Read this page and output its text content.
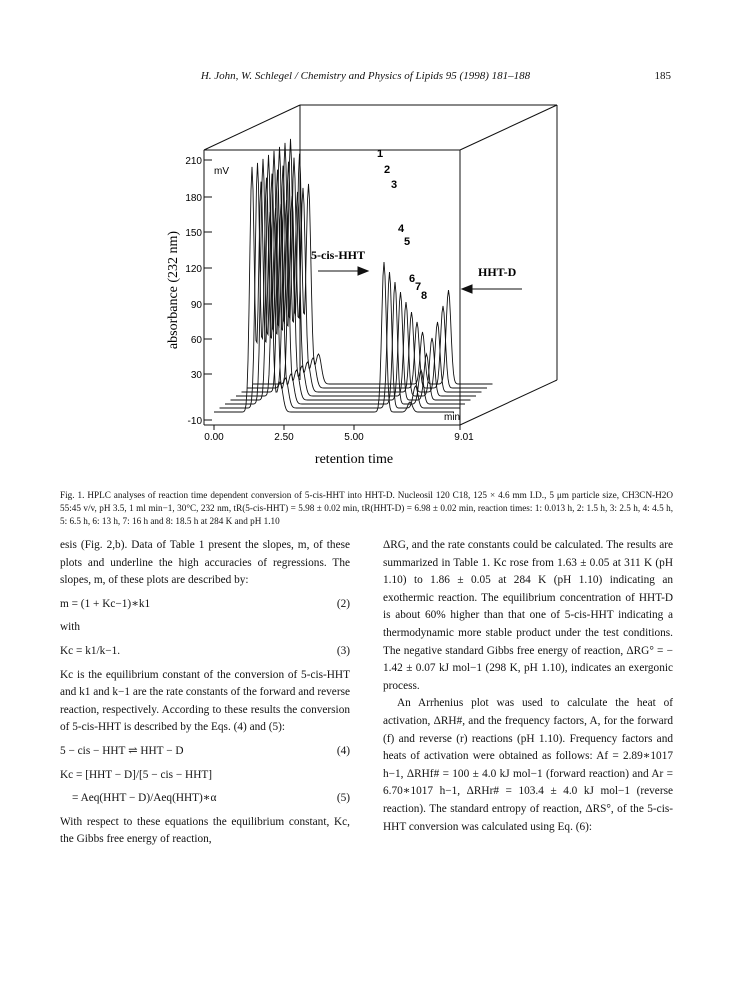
H. John, W. Schlegel / Chemistry and Physics of Lipids 95 (1998) 181–188	185
210
180
150
120
90
60
30
-10
mV
absorbance (232 nm)
0.00	2.50	5.00	9.01
min
retention time
5-cis-HHT
HHT-D
1
2
3
4
5
6
7
8
Fig. 1. HPLC analyses of reaction time dependent conversion of 5-cis-HHT into HHT-D. Nucleosil 120 C18, 125 × 4.6 mm I.D., 5 μm particle size, CH3CN-H2O 55:45 v/v, pH 3.5, 1 ml min−1, 30°C, 232 nm, tR(5-cis-HHT) = 5.98 ± 0.02 min, tR(HHT-D) = 6.98 ± 0.02 min, reaction times: 1: 0.013 h, 2: 1.5 h, 3: 2.5 h, 4: 4.5 h, 5: 6.5 h, 6: 13 h, 7: 16 h and 8: 18.5 h at 284 K and pH 1.10

esis (Fig. 2,b). Data of Table 1 present the slopes, m, of these plots and underline the high accuracies of regressions. The slopes, m, of these plots are described by:

m = (1 + Kc−1)∗k1	(2)

with

Kc = k1/k−1.	(3)

Kc is the equilibrium constant of the conversion of 5-cis-HHT and k1 and k−1 are the rate constants of the forward and reverse reaction, respectively. According to these results the conversion of 5-cis-HHT is described by the Eqs. (4) and (5):

5 − cis − HHT ⇌ HHT − D	(4)
Kc = [HHT − D]/[5 − cis − HHT]
= Aeq(HHT − D)/Aeq(HHT)∗α	(5)

With respect to these equations the equilibrium constant, Kc, the Gibbs free energy of reaction,

ΔRG, and the rate constants could be calculated. The results are summarized in Table 1. Kc rose from 1.63 ± 0.05 at 311 K (pH 1.10) to 1.86 ± 0.05 at 284 K (pH 1.10) indicating an exothermic reaction. The equilibrium concentration of HHT-D is about 60% higher than that one of 5-cis-HHT indicating a thermodynamic more stable product under the test conditions. The negative standard Gibbs free energy of reaction, ΔRG° = − 1.42 ± 0.07 kJ mol−1 (298 K, pH 1.10), indicates an exergonic process.

An Arrhenius plot was used to calculate the heat of activation, ΔRH#, and the frequency factors, A, for the forward (f) and reverse (r) reactions (pH 1.10). Frequency factors and heats of activation were obtained as follows: Af = 2.89∗1017 h−1, ΔRHf# = 100 ± 4.0 kJ mol−1 (forward reaction) and Ar = 6.70∗1017 h−1, ΔRHr# = 103.4 ± 4.0 kJ mol−1 (reverse reaction). The standard entropy of reaction, ΔRS°, of the 5-cis-HHT conversion was calculated using Eq. (6):
